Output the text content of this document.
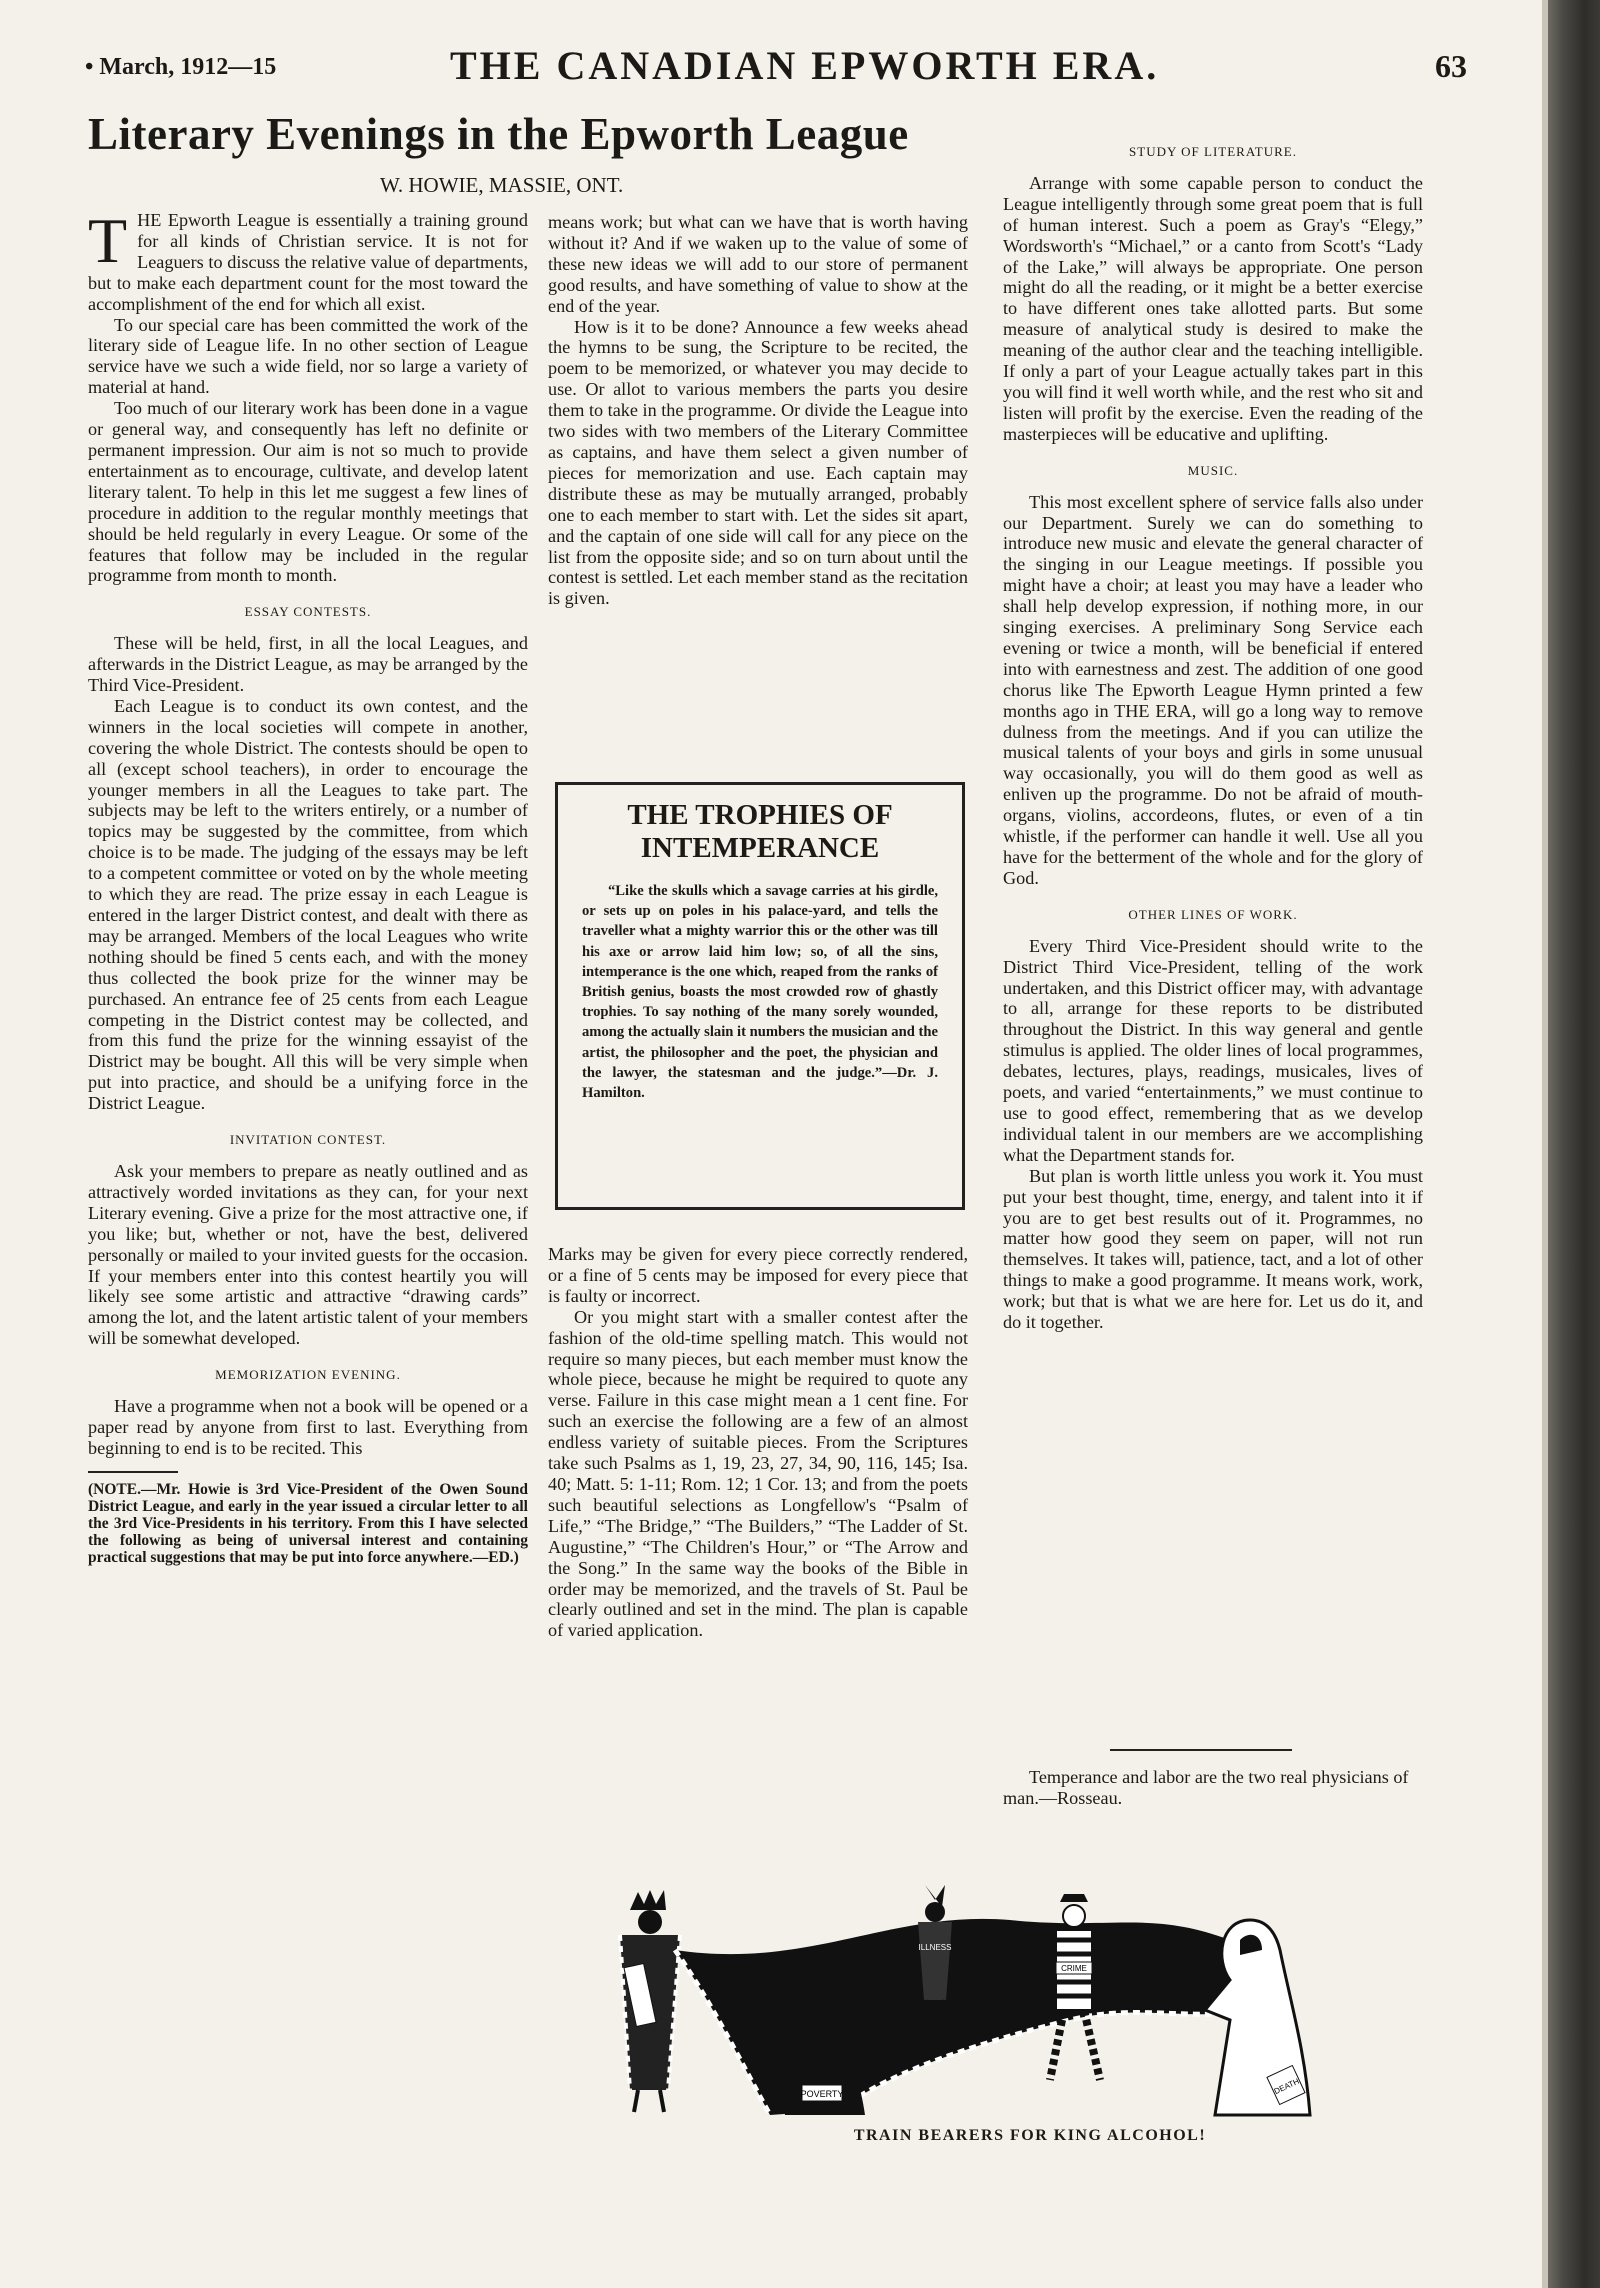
• March, 1912—15	THE CANADIAN EPWORTH ERA.	63
Literary Evenings in the Epworth League
W. HOWIE, MASSIE, ONT.

THE Epworth League is essentially a training ground for all kinds of Christian service. It is not for Leaguers to discuss the relative value of departments, but to make each department count for the most toward the accomplishment of the end for which all exist.

To our special care has been committed the work of the literary side of League life. In no other section of League service have we such a wide field, nor so large a variety of material at hand.

Too much of our literary work has been done in a vague or general way, and consequently has left no definite or permanent impression. Our aim is not so much to provide entertainment as to encourage, cultivate, and develop latent literary talent. To help in this let me suggest a few lines of procedure in addition to the regular monthly meetings that should be held regularly in every League. Or some of the features that follow may be included in the regular programme from month to month.

ESSAY CONTESTS.

These will be held, first, in all the local Leagues, and afterwards in the District League, as may be arranged by the Third Vice-President.

Each League is to conduct its own contest, and the winners in the local societies will compete in another, covering the whole District. The contests should be open to all (except school teachers), in order to encourage the younger members in all the Leagues to take part. The subjects may be left to the writers entirely, or a number of topics may be suggested by the committee, from which choice is to be made. The judging of the essays may be left to a competent committee or voted on by the whole meeting to which they are read. The prize essay in each League is entered in the larger District contest, and dealt with there as may be arranged. Members of the local Leagues who write nothing should be fined 5 cents each, and with the money thus collected the book prize for the winner may be purchased. An entrance fee of 25 cents from each League competing in the District contest may be collected, and from this fund the prize for the winning essayist of the District may be bought. All this will be very simple when put into practice, and should be a unifying force in the District League.

INVITATION CONTEST.

Ask your members to prepare as neatly outlined and as attractively worded invitations as they can, for your next Literary evening. Give a prize for the most attractive one, if you like; but, whether or not, have the best, delivered personally or mailed to your invited guests for the occasion. If your members enter into this contest heartily you will likely see some artistic and attractive “drawing cards” among the lot, and the latent artistic talent of your members will be somewhat developed.

MEMORIZATION EVENING.

Have a programme when not a book will be opened or a paper read by anyone from first to last. Everything from beginning to end is to be recited. This

(NOTE.—Mr. Howie is 3rd Vice-President of the Owen Sound District League, and early in the year issued a circular letter to all the 3rd Vice-Presidents in his territory. From this I have selected the following as being of universal interest and containing practical suggestions that may be put into force anywhere.—ED.)

means work; but what can we have that is worth having without it? And if we waken up to the value of some of these new ideas we will add to our store of permanent good results, and have something of value to show at the end of the year.

How is it to be done? Announce a few weeks ahead the hymns to be sung, the Scripture to be recited, the poem to be memorized, or whatever you may decide to use. Or allot to various members the parts you desire them to take in the programme. Or divide the League into two sides with two members of the Literary Committee as captains, and have them select a given number of pieces for memorization and use. Each captain may distribute these as may be mutually arranged, probably one to each member to start with. Let the sides sit apart, and the captain of one side will call for any piece on the list from the opposite side; and so on turn about until the contest is settled. Let each member stand as the recitation is given.

THE TROPHIES OF INTEMPERANCE
“Like the skulls which a savage carries at his girdle, or sets up on poles in his palace-yard, and tells the traveller what a mighty warrior this or the other was till his axe or arrow laid him low; so, of all the sins, intemperance is the one which, reaped from the ranks of British genius, boasts the most crowded row of ghastly trophies. To say nothing of the many sorely wounded, among the actually slain it numbers the musician and the artist, the philosopher and the poet, the physician and the lawyer, the statesman and the judge.”—Dr. J. Hamilton.

Marks may be given for every piece correctly rendered, or a fine of 5 cents may be imposed for every piece that is faulty or incorrect.

Or you might start with a smaller contest after the fashion of the old-time spelling match. This would not require so many pieces, but each member must know the whole piece, because he might be required to quote any verse. Failure in this case might mean a 1 cent fine. For such an exercise the following are a few of an almost endless variety of suitable pieces. From the Scriptures take such Psalms as 1, 19, 23, 27, 34, 90, 116, 145; Isa. 40; Matt. 5: 1-11; Rom. 12; 1 Cor. 13; and from the poets such beautiful selections as Longfellow's “Psalm of Life,” “The Bridge,” “The Builders,” “The Ladder of St. Augustine,” “The Children's Hour,” or “The Arrow and the Song.” In the same way the books of the Bible in order may be memorized, and the travels of St. Paul be clearly outlined and set in the mind. The plan is capable of varied application.

STUDY OF LITERATURE.

Arrange with some capable person to conduct the League intelligently through some great poem that is full of human interest. Such a poem as Gray's “Elegy,” Wordsworth's “Michael,” or a canto from Scott's “Lady of the Lake,” will always be appropriate. One person might do all the reading, or it might be a better exercise to have different ones take allotted parts. But some measure of analytical study is desired to make the meaning of the author clear and the teaching intelligible. If only a part of your League actually takes part in this you will find it well worth while, and the rest who sit and listen will profit by the exercise. Even the reading of the masterpieces will be educative and uplifting.

MUSIC.

This most excellent sphere of service falls also under our Department. Surely we can do something to introduce new music and elevate the general character of the singing in our League meetings. If possible you might have a choir; at least you may have a leader who shall help develop expression, if nothing more, in our singing exercises. A preliminary Song Service each evening or twice a month, will be beneficial if entered into with earnestness and zest. The addition of one good chorus like The Epworth League Hymn printed a few months ago in THE ERA, will go a long way to remove dulness from the meetings. And if you can utilize the musical talents of your boys and girls in some unusual way occasionally, you will do them good as well as enliven up the programme. Do not be afraid of mouth-organs, violins, accordeons, flutes, or even of a tin whistle, if the performer can handle it well. Use all you have for the betterment of the whole and for the glory of God.

OTHER LINES OF WORK.

Every Third Vice-President should write to the District Third Vice-President, telling of the work undertaken, and this District officer may, with advantage to all, arrange for these reports to be distributed throughout the District. In this way general and gentle stimulus is applied. The older lines of local programmes, debates, lectures, plays, readings, musicales, lives of poets, and varied “entertainments,” we must continue to use to good effect, remembering that as we develop individual talent in our members are we accomplishing what the Department stands for.

But plan is worth little unless you work it. You must put your best thought, time, energy, and talent into it if you are to get best results out of it. Programmes, no matter how good they seem on paper, will not run themselves. It takes will, patience, tact, and a lot of other things to make a good programme. It means work, work, work; but that is what we are here for. Let us do it, and do it together.

Temperance and labor are the two real physicians of man.—Rosseau.
POVERTY
ILLNESS
CRIME
DEATH
TRAIN BEARERS FOR KING ALCOHOL!
